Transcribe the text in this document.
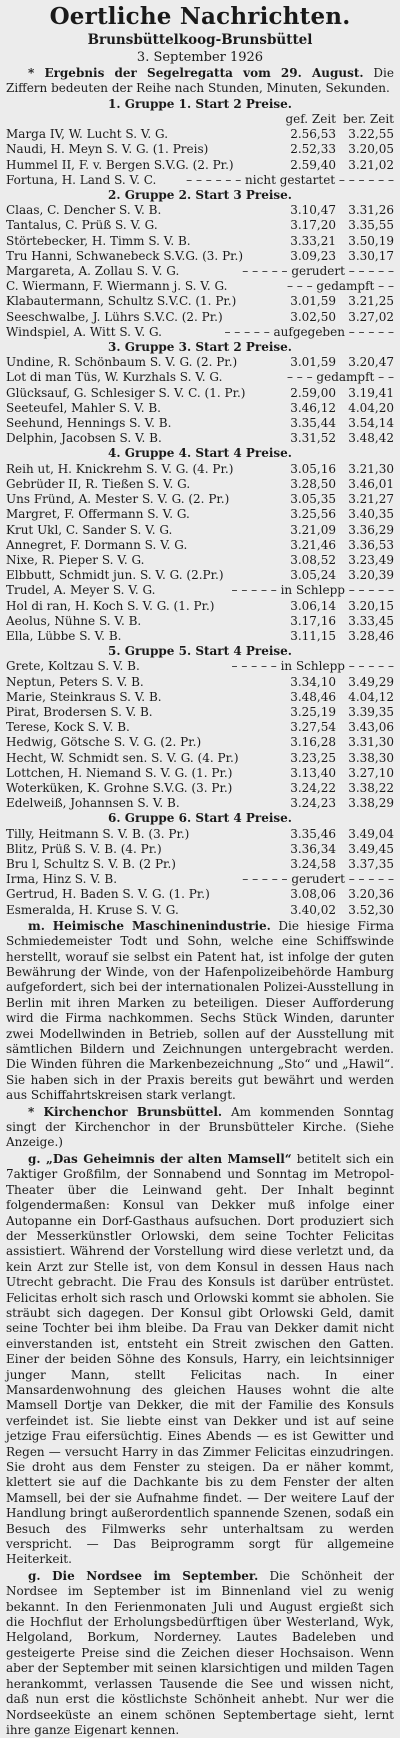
Oertliche Nachrichten.
Brunsbüttelkoog-Brunsbüttel
3. September 1926

* Ergebnis der Segelregatta vom 29. August. Die Ziffern bedeuten der Reihe nach Stunden, Minuten, Sekunden.

1. Gruppe 1. Start 2 Preise.
gef. Zeit ber. Zeit
Marga IV, W. Lucht S. V. G.	2.56,53	3.22,55
Naudi, H. Meyn S. V. G. (1. Preis)	2.52,33	3.20,05
Hummel II, F. v. Bergen S.V.G. (2. Pr.)	2.59,40	3.21,02
Fortuna, H. Land S. V. C.	– – – – – – nicht gestartet – – – – – –
2. Gruppe 2. Start 3 Preise.
Claas, C. Dencher S. V. B.	3.10,47	3.31,26
Tantalus, C. Prüß S. V. G.	3.17,20	3.35,55
Störtebecker, H. Timm S. V. B.	3.33,21	3.50,19
Tru Hanni, Schwanebeck S.V.G. (3. Pr.)	3.09,23	3.30,17
Margareta, A. Zollau S. V. G.	– – – – – gerudert – – – – –
C. Wiermann, F. Wiermann j. S. V. G.	– – – gedampft – –
Klabautermann, Schultz S.V.C. (1. Pr.)	3.01,59	3.21,25
Seeschwalbe, J. Lührs S.V.C. (2. Pr.)	3.02,50	3.27,02
Windspiel, A. Witt S. V. G.	– – – – – aufgegeben – – – – –
3. Gruppe 3. Start 2 Preise.
Undine, R. Schönbaum S. V. G. (2. Pr.)	3.01,59	3.20,47
Lot di man Tüs, W. Kurzhals S. V. G.	– – – gedampft – –
Glücksauf, G. Schlesiger S. V. C. (1. Pr.)	2.59,00	3.19,41
Seeteufel, Mahler S. V. B.	3.46,12	4.04,20
Seehund, Hennings S. V. B.	3.35,44	3.54,14
Delphin, Jacobsen S. V. B.	3.31,52	3.48,42
4. Gruppe 4. Start 4 Preise.
Reih ut, H. Knickrehm S. V. G. (4. Pr.)	3.05,16	3.21,30
Gebrüder II, R. Tießen S. V. G.	3.28,50	3.46,01
Uns Fründ, A. Mester S. V. G. (2. Pr.)	3.05,35	3.21,27
Margret, F. Offermann S. V. G.	3.25,56	3.40,35
Krut Ukl, C. Sander S. V. G.	3.21,09	3.36,29
Annegret, F. Dormann S. V. G.	3.21,46	3.36,53
Nixe, R. Pieper S. V. G.	3.08,52	3.23,49
Elbbutt, Schmidt jun. S. V. G. (2.Pr.)	3.05,24	3.20,39
Trudel, A. Meyer S. V. G.	– – – – – in Schlepp – – – – –
Hol di ran, H. Koch S. V. G. (1. Pr.)	3.06,14	3.20,15
Aeolus, Nühne S. V. B.	3.17,16	3.33,45
Ella, Lübbe S. V. B.	3.11,15	3.28,46
5. Gruppe 5. Start 4 Preise.
Grete, Koltzau S. V. B.	– – – – – in Schlepp – – – – –
Neptun, Peters S. V. B.	3.34,10	3.49,29
Marie, Steinkraus S. V. B.	3.48,46	4.04,12
Pirat, Brodersen S. V. B.	3.25,19	3.39,35
Terese, Kock S. V. B.	3.27,54	3.43,06
Hedwig, Götsche S. V. G. (2. Pr.)	3.16,28	3.31,30
Hecht, W. Schmidt sen. S. V. G. (4. Pr.)	3.23,25	3.38,30
Lottchen, H. Niemand S. V. G. (1. Pr.)	3.13,40	3.27,10
Woterküken, K. Grohne S.V.G. (3. Pr.)	3.24,22	3.38,22
Edelweiß, Johannsen S. V. B.	3.24,23	3.38,29
6. Gruppe 6. Start 4 Preise.
Tilly, Heitmann S. V. B. (3. Pr.)	3.35,46	3.49,04
Blitz, Prüß S. V. B. (4. Pr.)	3.36,34	3.49,45
Bru l, Schultz S. V. B. (2 Pr.)	3.24,58	3.37,35
Irma, Hinz S. V. B.	– – – – – gerudert – – – – –
Gertrud, H. Baden S. V. G. (1. Pr.)	3.08,06	3.20,36
Esmeralda, H. Kruse S. V. G.	3.40,02	3.52,30

m. Heimische Maschinenindustrie. Die hiesige Firma Schmiedemeister Todt und Sohn, welche eine Schiffswinde herstellt, worauf sie selbst ein Patent hat, ist infolge der guten Bewährung der Winde, von der Hafenpolizeibehörde Hamburg aufgefordert, sich bei der internationalen Polizei-Ausstellung in Berlin mit ihren Marken zu beteiligen. Dieser Aufforderung wird die Firma nachkommen. Sechs Stück Winden, darunter zwei Modellwinden in Betrieb, sollen auf der Ausstellung mit sämtlichen Bildern und Zeichnungen untergebracht werden. Die Winden führen die Markenbezeichnung „Sto“ und „Hawil“. Sie haben sich in der Praxis bereits gut bewährt und werden aus Schiffahrtskreisen stark verlangt.

* Kirchenchor Brunsbüttel. Am kommenden Sonntag singt der Kirchenchor in der Brunsbütteler Kirche. (Siehe Anzeige.)

g. „Das Geheimnis der alten Mamsell“ betitelt sich ein 7aktiger Großfilm, der Sonnabend und Sonntag im Metropol-Theater über die Leinwand geht. Der Inhalt beginnt folgendermaßen: Konsul van Dekker muß infolge einer Autopanne ein Dorf-Gasthaus aufsuchen. Dort produziert sich der Messerkünstler Orlowski, dem seine Tochter Felicitas assistiert. Während der Vorstellung wird diese verletzt und, da kein Arzt zur Stelle ist, von dem Konsul in dessen Haus nach Utrecht gebracht. Die Frau des Konsuls ist darüber entrüstet. Felicitas erholt sich rasch und Orlowski kommt sie abholen. Sie sträubt sich dagegen. Der Konsul gibt Orlowski Geld, damit seine Tochter bei ihm bleibe. Da Frau van Dekker damit nicht einverstanden ist, entsteht ein Streit zwischen den Gatten. Einer der beiden Söhne des Konsuls, Harry, ein leichtsinniger junger Mann, stellt Felicitas nach. In einer Mansardenwohnung des gleichen Hauses wohnt die alte Mamsell Dortje van Dekker, die mit der Familie des Konsuls verfeindet ist. Sie liebte einst van Dekker und ist auf seine jetzige Frau eifersüchtig. Eines Abends — es ist Gewitter und Regen — versucht Harry in das Zimmer Felicitas einzudringen. Sie droht aus dem Fenster zu steigen. Da er näher kommt, klettert sie auf die Dachkante bis zu dem Fenster der alten Mamsell, bei der sie Aufnahme findet. — Der weitere Lauf der Handlung bringt außerordentlich spannende Szenen, sodaß ein Besuch des Filmwerks sehr unterhaltsam zu werden verspricht. — Das Beiprogramm sorgt für allgemeine Heiterkeit.

g. Die Nordsee im September. Die Schönheit der Nordsee im September ist im Binnenland viel zu wenig bekannt. In den Ferienmonaten Juli und August ergießt sich die Hochflut der Erholungsbedürftigen über Westerland, Wyk, Helgoland, Borkum, Norderney. Lautes Badeleben und gesteigerte Preise sind die Zeichen dieser Hochsaison. Wenn aber der September mit seinen klarsichtigen und milden Tagen herankommt, verlassen Tausende die See und wissen nicht, daß nun erst die köstlichste Schönheit anhebt. Nur wer die Nordseeküste an einem schönen Septembertage sieht, lernt ihre ganze Eigenart kennen.
